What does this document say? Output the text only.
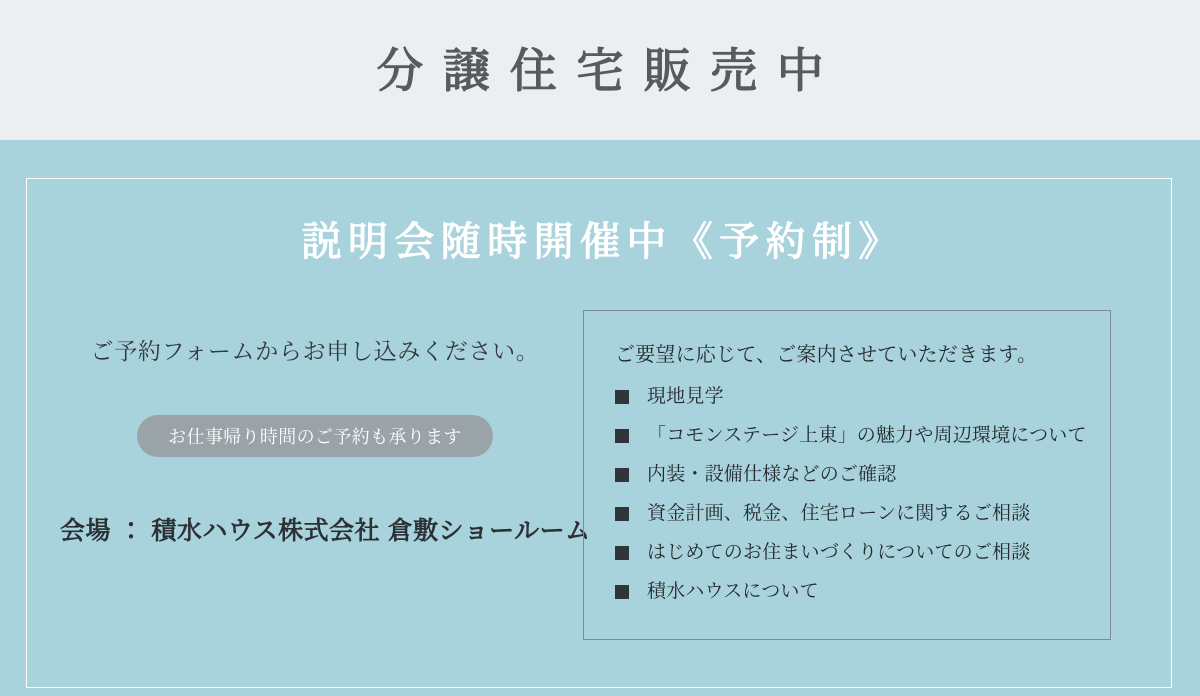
分譲住宅販売中
説明会随時開催中《予約制》
ご予約フォームからお申し込みください。
お仕事帰り時間のご予約も承ります
会場 ： 積水ハウス株式会社 倉敷ショールーム
ご要望に応じて、ご案内させていただきます。
現地見学
「コモンステージ上東」の魅力や周辺環境について
内装・設備仕様などのご確認
資金計画、税金、住宅ローンに関するご相談
はじめてのお住まいづくりについてのご相談
積水ハウスについて
